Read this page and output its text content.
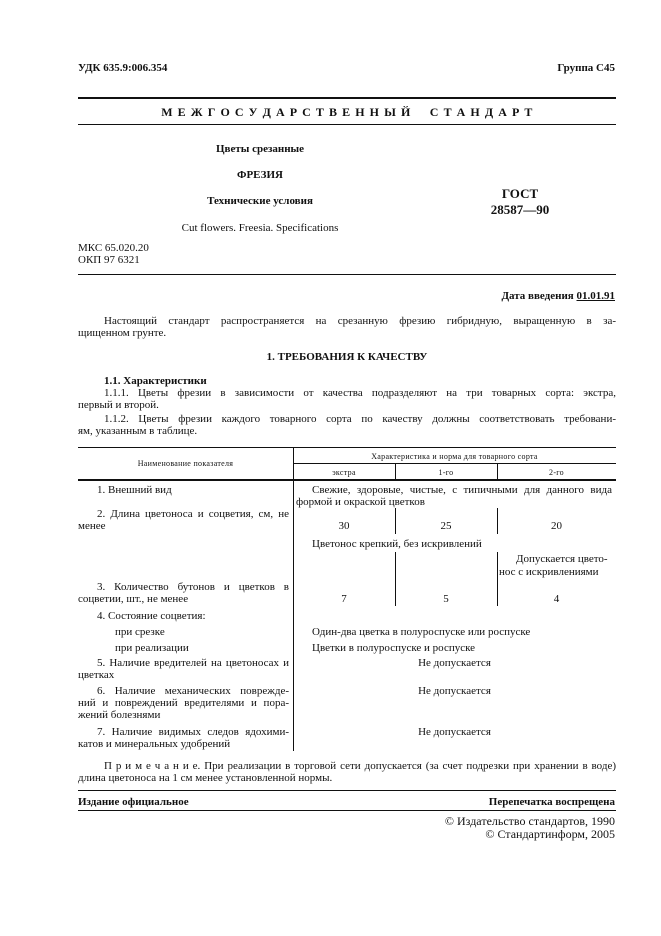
УДК 635.9:006.354	Группа С45
М Е Ж Г О С У Д А Р С Т В Е Н Н Ы Й    С Т А Н Д А Р Т
Цветы срезанные
ФРЕЗИЯ
Технические условия
Cut flowers. Freesia. Specifications
ГОСТ
28587—90
МКС 65.020.20
ОКП 97 6321
Дата введения 01.01.91
Настоящий стандарт распространяется на срезанную фрезию гибридную, выращенную в за-
щищенном грунте.
1. ТРЕБОВАНИЯ К КАЧЕСТВУ
1.1. Характеристики
1.1.1. Цветы фрезии в зависимости от качества подразделяют на три товарных сорта: экстра,
первый и второй.
1.1.2. Цветы фрезии каждого товарного сорта по качеству должны соответствовать требовани-
ям, указанным в таблице.
Наименование показателя
Характеристика и норма для товарного сорта
экстра	1-го	2-го
1. Внешний вид	Свежие, здоровые, чистые, с типичными для данного вида
формой и окраской цветков
2. Длина цветоноса и соцветия, см, не
менее	30	25	20
Цветонос крепкий, без искривлений
Допускается цвето-
нос с искривлениями
3. Количество бутонов и цветков в
соцветии, шт., не менее	7	5	4
4. Состояние соцветия:
при срезке	Один-два цветка в полуроспуске или роспуске
при реализации	Цветки в полуроспуске и роспуске
5. Наличие вредителей на цветоносах и
цветках
Не допускается
6. Наличие механических поврежде-
ний и повреждений вредителями и пора-
жений болезнями
Не допускается
7. Наличие видимых следов ядохими-
катов и минеральных удобрений
Не допускается
П р и м е ч а н и е. При реализации в торговой сети допускается (за счет подрезки при хранении в воде)
длина цветоноса на 1 см менее установленной нормы.
Издание официальное	Перепечатка воспрещена
© Издательство стандартов, 1990
© Стандартинформ, 2005
